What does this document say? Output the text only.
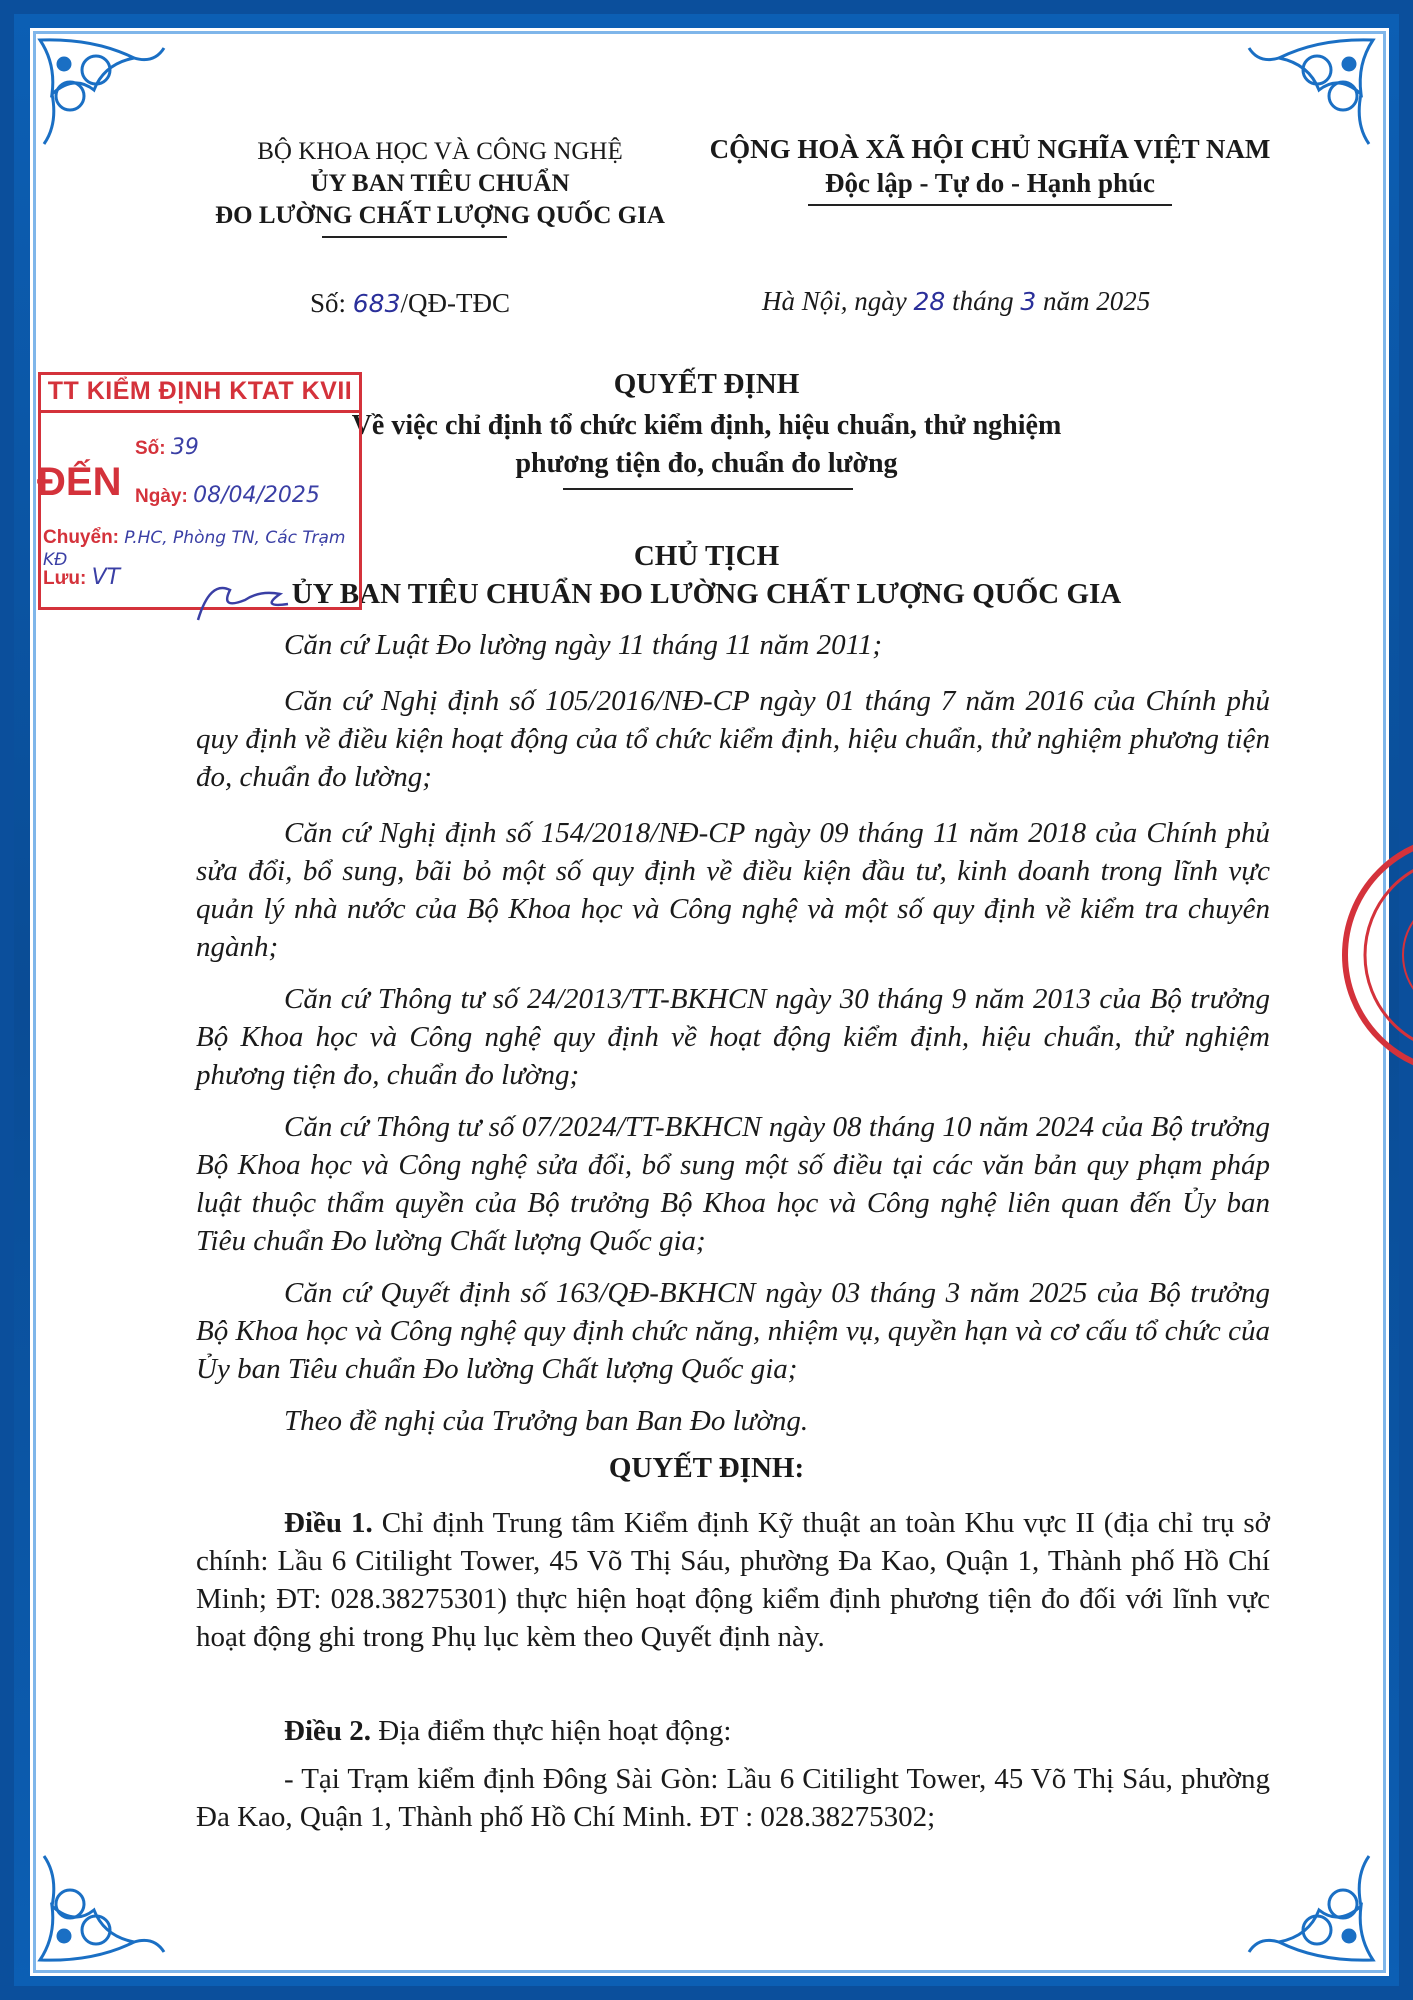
BỘ KHOA HỌC VÀ CÔNG NGHỆ
ỦY BAN TIÊU CHUẨN
ĐO LƯỜNG CHẤT LƯỢNG QUỐC GIA
CỘNG HOÀ XÃ HỘI CHỦ NGHĨA VIỆT NAM
Độc lập - Tự do - Hạnh phúc
Số: 683/QĐ-TĐC	Hà Nội, ngày 28 tháng 3 năm 2025
QUYẾT ĐỊNH
Về việc chỉ định tổ chức kiểm định, hiệu chuẩn, thử nghiệm
phương tiện đo, chuẩn đo lường
CHỦ TỊCH
ỦY BAN TIÊU CHUẨN ĐO LƯỜNG CHẤT LƯỢNG QUỐC GIA
Căn cứ Luật Đo lường ngày 11 tháng 11 năm 2011;
Căn cứ Nghị định số 105/2016/NĐ-CP ngày 01 tháng 7 năm 2016 của Chính phủ quy định về điều kiện hoạt động của tổ chức kiểm định, hiệu chuẩn, thử nghiệm phương tiện đo, chuẩn đo lường;
Căn cứ Nghị định số 154/2018/NĐ-CP ngày 09 tháng 11 năm 2018 của Chính phủ sửa đổi, bổ sung, bãi bỏ một số quy định về điều kiện đầu tư, kinh doanh trong lĩnh vực quản lý nhà nước của Bộ Khoa học và Công nghệ và một số quy định về kiểm tra chuyên ngành;
Căn cứ Thông tư số 24/2013/TT-BKHCN ngày 30 tháng 9 năm 2013 của Bộ trưởng Bộ Khoa học và Công nghệ quy định về hoạt động kiểm định, hiệu chuẩn, thử nghiệm phương tiện đo, chuẩn đo lường;
Căn cứ Thông tư số 07/2024/TT-BKHCN ngày 08 tháng 10 năm 2024 của Bộ trưởng Bộ Khoa học và Công nghệ sửa đổi, bổ sung một số điều tại các văn bản quy phạm pháp luật thuộc thẩm quyền của Bộ trưởng Bộ Khoa học và Công nghệ liên quan đến Ủy ban Tiêu chuẩn Đo lường Chất lượng Quốc gia;
Căn cứ Quyết định số 163/QĐ-BKHCN ngày 03 tháng 3 năm 2025 của Bộ trưởng Bộ Khoa học và Công nghệ quy định chức năng, nhiệm vụ, quyền hạn và cơ cấu tổ chức của Ủy ban Tiêu chuẩn Đo lường Chất lượng Quốc gia;
Theo đề nghị của Trưởng ban Ban Đo lường.
QUYẾT ĐỊNH:
Điều 1. Chỉ định Trung tâm Kiểm định Kỹ thuật an toàn Khu vực II (địa chỉ trụ sở chính: Lầu 6 Citilight Tower, 45 Võ Thị Sáu, phường Đa Kao, Quận 1, Thành phố Hồ Chí Minh; ĐT: 028.38275301) thực hiện hoạt động kiểm định phương tiện đo đối với lĩnh vực hoạt động ghi trong Phụ lục kèm theo Quyết định này.
Điều 2. Địa điểm thực hiện hoạt động:
- Tại Trạm kiểm định Đông Sài Gòn: Lầu 6 Citilight Tower, 45 Võ Thị Sáu, phường Đa Kao, Quận 1, Thành phố Hồ Chí Minh. ĐT : 028.38275302;
TT KIỂM ĐỊNH KTAT KVII
ĐẾN
Số: 39
Ngày: 08/04/2025
Chuyển: P.HC, Phòng TN, Các Trạm KĐ
Lưu: VT
